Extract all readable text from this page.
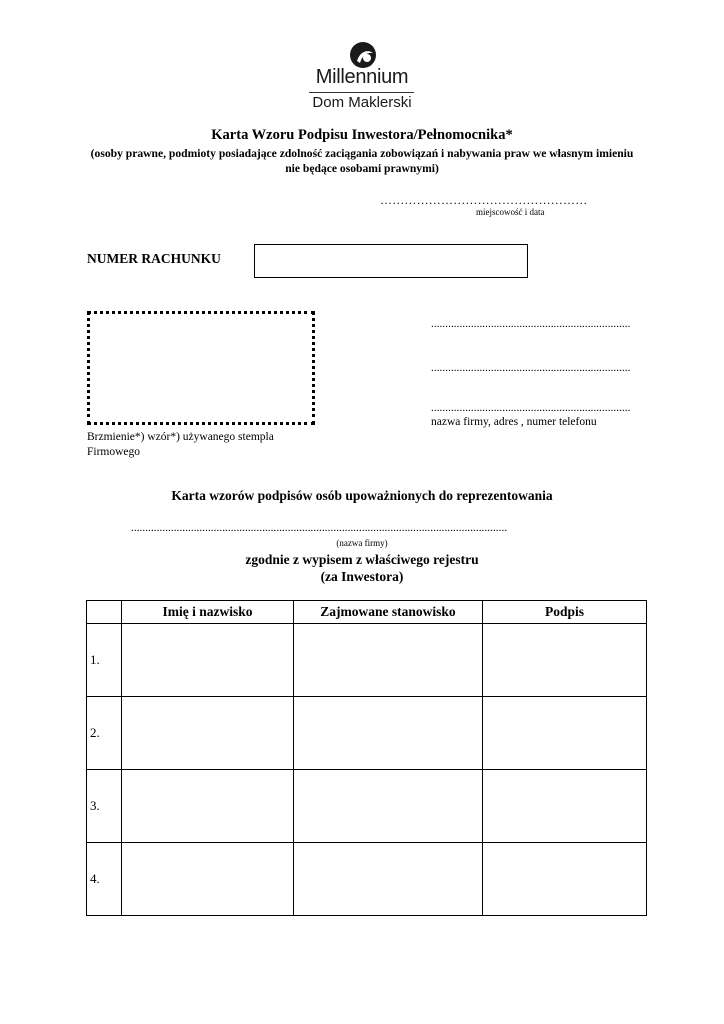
Millennium
Dom Maklerski
Karta Wzoru Podpisu Inwestora/Pełnomocnika*
(osoby prawne, podmioty posiadające zdolność zaciągania zobowiązań i nabywania praw we własnym imieniu nie będące osobami prawnymi)
……………………………………………
miejscowość i data
NUMER RACHUNKU
Brzmienie*) wzór*) używanego stempla
Firmowego
......................................................................
......................................................................
......................................................................
nazwa firmy, adres , numer telefonu
Karta wzorów podpisów osób upoważnionych do reprezentowania
....................................................................................................................................
(nazwa firmy)
zgodnie z wypisem z właściwego rejestru
(za Inwestora)
	Imię i nazwisko	Zajmowane stanowisko	Podpis
1.			
2.			
3.			
4.			
